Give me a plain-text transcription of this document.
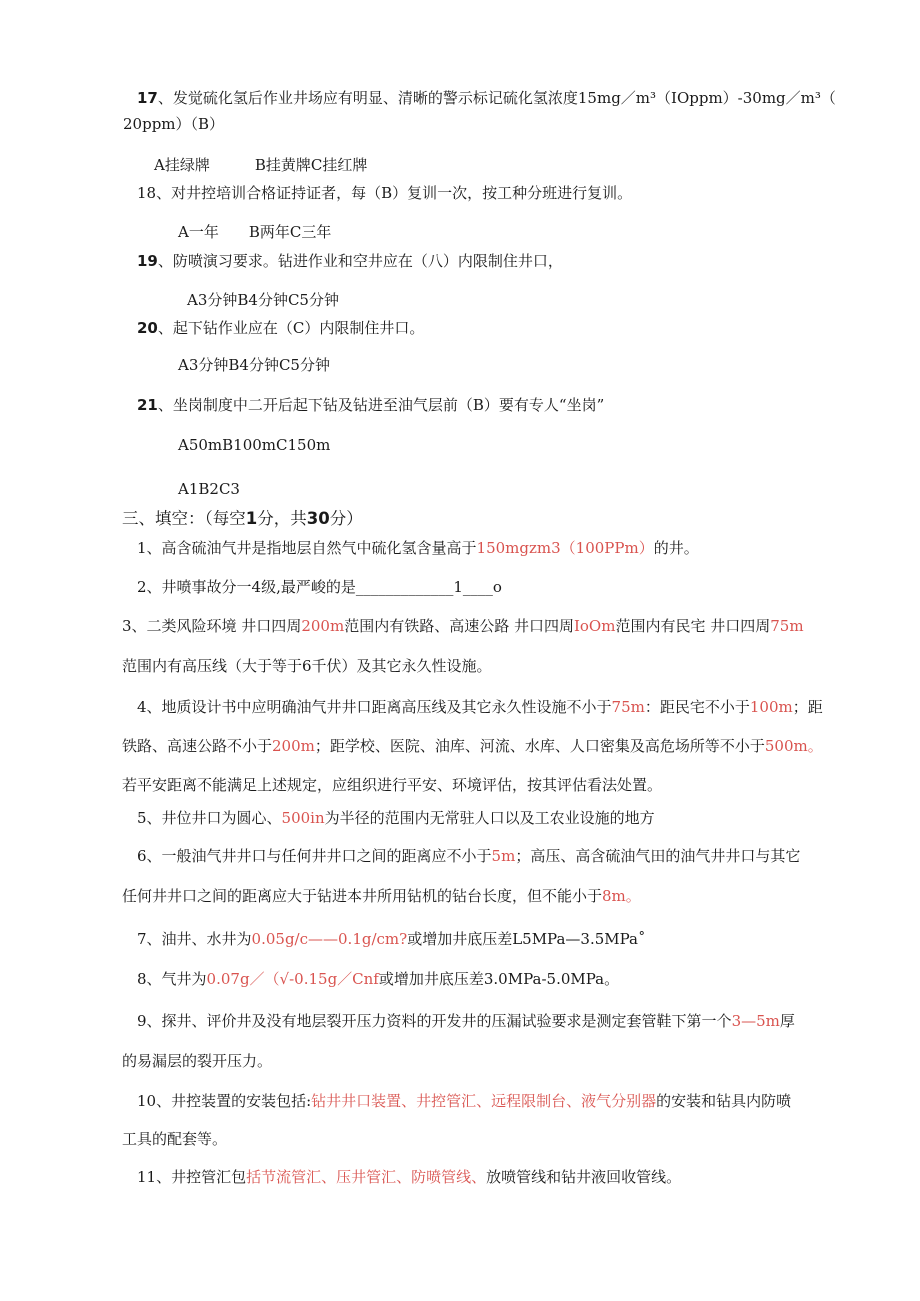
17、发觉硫化氢后作业井场应有明显、清晰的警示标记硫化氢浓度15mg／m³（IOppm）-30mg／m³（
20ppm）（B）
A挂绿牌　　　B挂黄牌C挂红牌
18、对井控培训合格证持证者，每（B）复训一次，按工种分班进行复训。
A一年　　B两年C三年
19、防喷演习要求。钻进作业和空井应在（八）内限制住井口，
A3分钟B4分钟C5分钟
20、起下钻作业应在（C）内限制住井口。
A3分钟B4分钟C5分钟
21、坐岗制度中二开后起下钻及钻进至油气层前（B）要有专人“坐岗”
A50mB100mC150m
A1B2C3
三、填空：（每空1分，共30分）
1、高含硫油气井是指地层自然气中硫化氢含量高于150mgzm3（100PPm）的井。
2、井喷事故分一4级,最严峻的是_____________1____o
3、二类风险环境 井口四周200m范围内有铁路、高速公路 井口四周IoOm范围内有民宅 井口四周75m
范围内有高压线（大于等于6千伏）及其它永久性设施。
4、地质设计书中应明确油气井井口距离高压线及其它永久性设施不小于75m：距民宅不小于100m；距
铁路、高速公路不小于200m；距学校、医院、油库、河流、水库、人口密集及高危场所等不小于500m。
若平安距离不能满足上述规定，应组织进行平安、环境评估，按其评估看法处置。
5、井位井口为圆心、500in为半径的范围内无常驻人口以及工农业设施的地方
6、一般油气井井口与任何井井口之间的距离应不小于5m；高压、高含硫油气田的油气井井口与其它
任何井井口之间的距离应大于钻进本井所用钻机的钻台长度，但不能小于8m。
7、油井、水井为0.05g/c——0.1g/cm?或增加井底压差L5MPa—3.5MPa˚
8、气井为0.07g／（√-0.15g／Cnf或增加井底压差3.0MPa-5.0MPa。
9、探井、评价井及没有地层裂开压力资料的开发井的压漏试验要求是测定套管鞋下第一个3—5m厚
的易漏层的裂开压力。
10、井控装置的安装包括:钻井井口装置、井控管汇、远程限制台、液气分别器的安装和钻具内防喷
工具的配套等。
11、井控管汇包括节流管汇、压井管汇、防喷管线、放喷管线和钻井液回收管线。
